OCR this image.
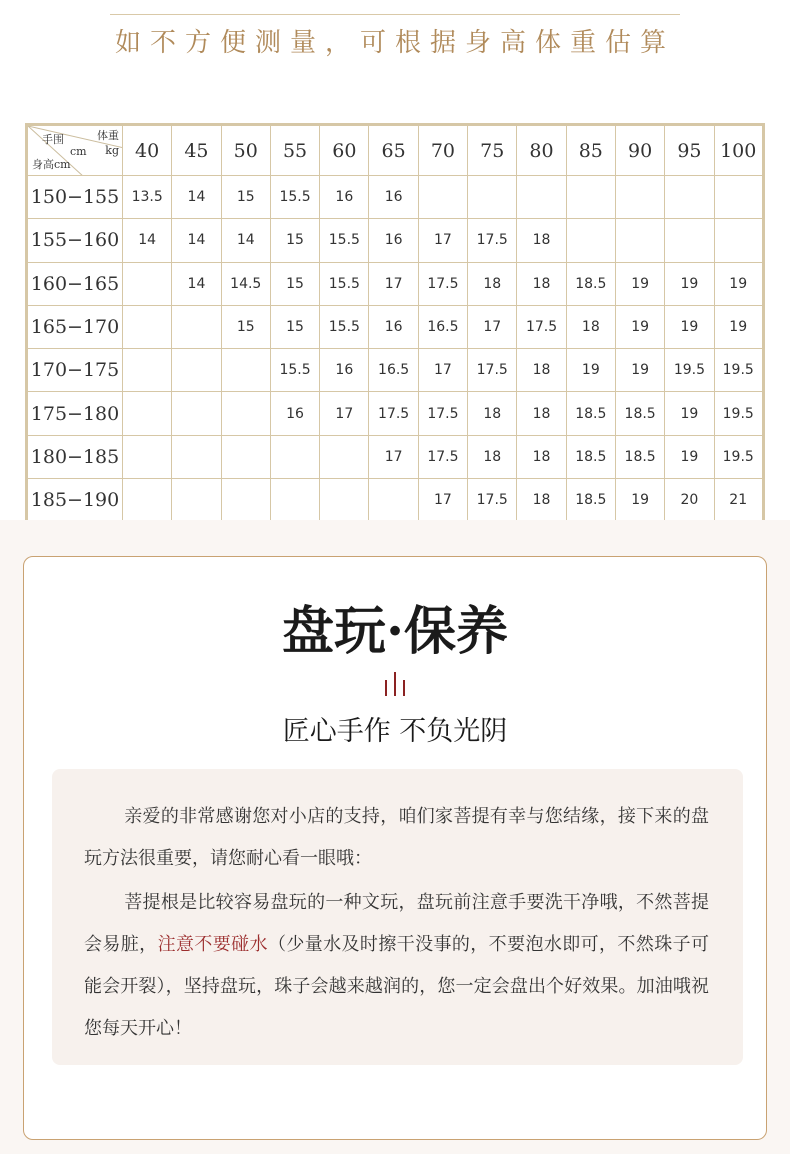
如不方便测量，可根据身高体重估算
体重
kg
手围
cm
身高cm	40	45	50	55	60	65	70	75	80	85	90	95	100
150−155	13.5	14	15	15.5	16	16							
155−160	14	14	14	15	15.5	16	17	17.5	18				
160−165		14	14.5	15	15.5	17	17.5	18	18	18.5	19	19	19
165−170			15	15	15.5	16	16.5	17	17.5	18	19	19	19
170−175				15.5	16	16.5	17	17.5	18	19	19	19.5	19.5
175−180				16	17	17.5	17.5	18	18	18.5	18.5	19	19.5
180−185						17	17.5	18	18	18.5	18.5	19	19.5
185−190							17	17.5	18	18.5	19	20	21
盘玩·保养
匠心手作 不负光阴

亲爱的非常感谢您对小店的支持，咱们家菩提有幸与您结缘，接下来的盘玩方法很重要，请您耐心看一眼哦：

菩提根是比较容易盘玩的一种文玩，盘玩前注意手要洗干净哦，不然菩提会易脏，注意不要碰水（少量水及时擦干没事的，不要泡水即可，不然珠子可能会开裂），坚持盘玩，珠子会越来越润的，您一定会盘出个好效果。加油哦祝您每天开心！
